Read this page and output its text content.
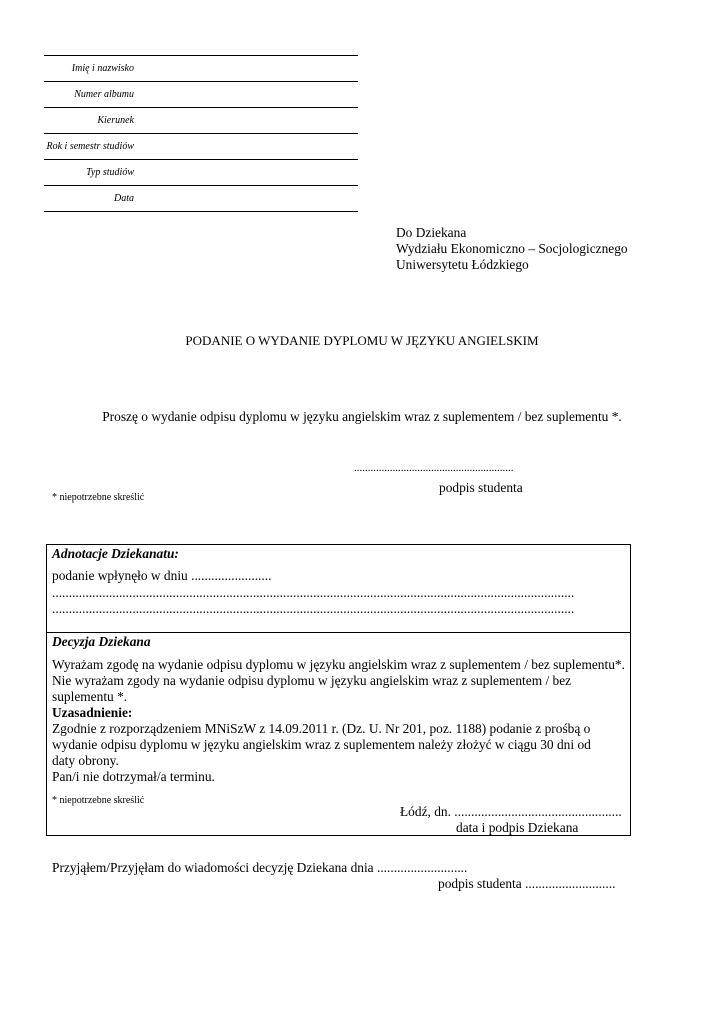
Imię i nazwisko
Numer albumu
Kierunek
Rok i semestr studiów
Typ studiów
Data
Do Dziekana
Wydziału Ekonomiczno – Socjologicznego
Uniwersytetu Łódzkiego
PODANIE O WYDANIE DYPLOMU W JĘZYKU ANGIELSKIM
Proszę o wydanie odpisu dyplomu w języku angielskim wraz z suplementem / bez suplementu *.
..........................................................
podpis studenta
* niepotrzebne skreślić
Adnotacje Dziekanatu:
podanie wpłynęło w dniu ........................
............................................................................................................................................................
............................................................................................................................................................
Decyzja Dziekana
Wyrażam zgodę na wydanie odpisu dyplomu w języku angielskim wraz z suplementem / bez suplementu*.
Nie wyrażam zgody na wydanie odpisu dyplomu w języku angielskim wraz z suplementem / bez suplementu *.
Uzasadnienie:
Zgodnie z rozporządzeniem MNiSzW z 14.09.2011 r. (Dz. U. Nr 201, poz. 1188) podanie z prośbą o wydanie odpisu dyplomu w języku angielskim wraz z suplementem należy złożyć w ciągu 30 dni od daty obrony.
Pan/i nie dotrzymał/a terminu.
* niepotrzebne skreślić
Łódź, dn. ..................................................
data i podpis Dziekana
Przyjąłem/Przyjęłam do wiadomości decyzję Dziekana dnia ...........................
podpis studenta ...........................
